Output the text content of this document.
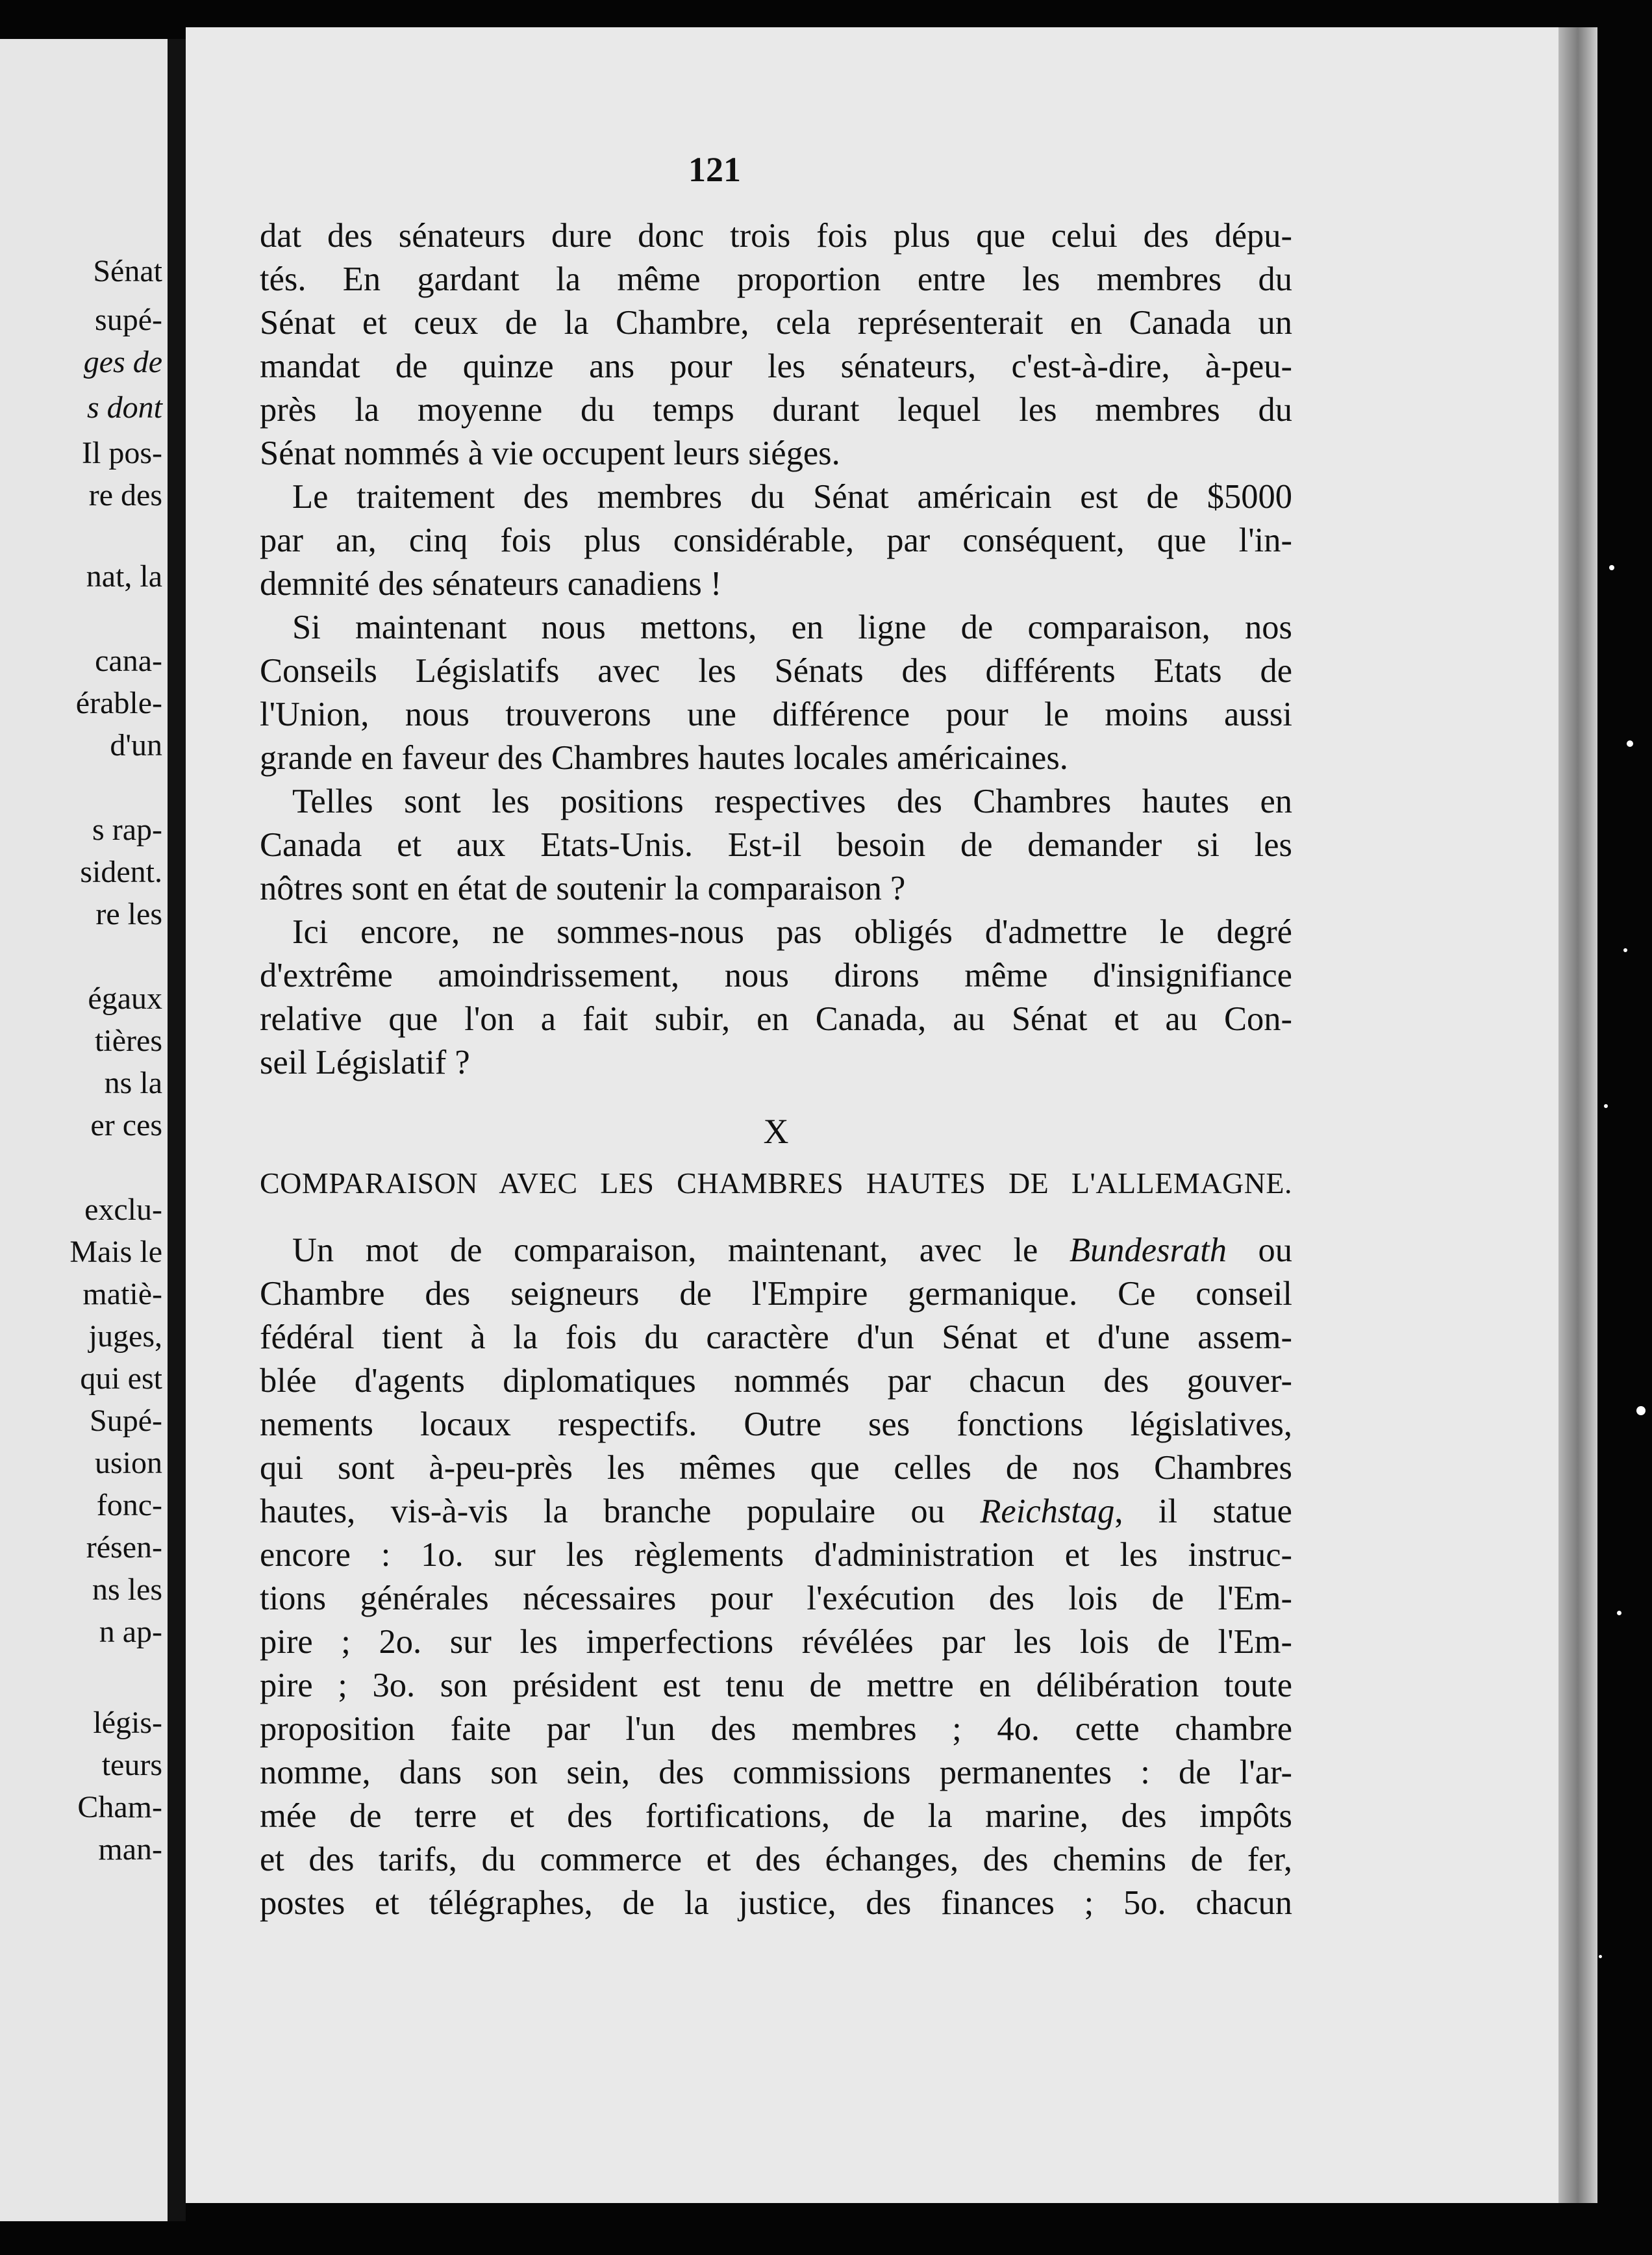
Sénat
supé-
ges de
s dont
Il pos-
re des
nat, la
cana-
érable-
d'un
s rap-
sident.
re les
égaux
tières
ns la
er ces
exclu-
Mais le
matiè-
juges,
qui est
Supé-
usion
fonc-
résen-
ns les
n ap-
légis-
teurs
Cham-
man-
121
dat des sénateurs dure donc trois fois plus que celui des dépu-
tés. En gardant la même proportion entre les membres du
Sénat et ceux de la Chambre, cela représenterait en Canada un
mandat de quinze ans pour les sénateurs, c'est-à-dire, à-peu-
près la moyenne du temps durant lequel les membres du
Sénat nommés à vie occupent leurs siéges.
Le traitement des membres du Sénat américain est de $5000
par an, cinq fois plus considérable, par conséquent, que l'in-
demnité des sénateurs canadiens !
Si maintenant nous mettons, en ligne de comparaison, nos
Conseils Législatifs avec les Sénats des différents Etats de
l'Union, nous trouverons une différence pour le moins aussi
grande en faveur des Chambres hautes locales américaines.
Telles sont les positions respectives des Chambres hautes en
Canada et aux Etats-Unis. Est-il besoin de demander si les
nôtres sont en état de soutenir la comparaison ?
Ici encore, ne sommes-nous pas obligés d'admettre le degré
d'extrême amoindrissement, nous dirons même d'insignifiance
relative que l'on a fait subir, en Canada, au Sénat et au Con-
seil Législatif ?
X
COMPARAISON AVEC LES CHAMBRES HAUTES DE L'ALLEMAGNE.
Un mot de comparaison, maintenant, avec le Bundesrath ou
Chambre des seigneurs de l'Empire germanique. Ce conseil
fédéral tient à la fois du caractère d'un Sénat et d'une assem-
blée d'agents diplomatiques nommés par chacun des gouver-
nements locaux respectifs. Outre ses fonctions législatives,
qui sont à-peu-près les mêmes que celles de nos Chambres
hautes, vis-à-vis la branche populaire ou Reichstag, il statue
encore : 1o. sur les règlements d'administration et les instruc-
tions générales nécessaires pour l'exécution des lois de l'Em-
pire ; 2o. sur les imperfections révélées par les lois de l'Em-
pire ; 3o. son président est tenu de mettre en délibération toute
proposition faite par l'un des membres ; 4o. cette chambre
nomme, dans son sein, des commissions permanentes : de l'ar-
mée de terre et des fortifications, de la marine, des impôts
et des tarifs, du commerce et des échanges, des chemins de fer,
postes et télégraphes, de la justice, des finances ; 5o. chacun
